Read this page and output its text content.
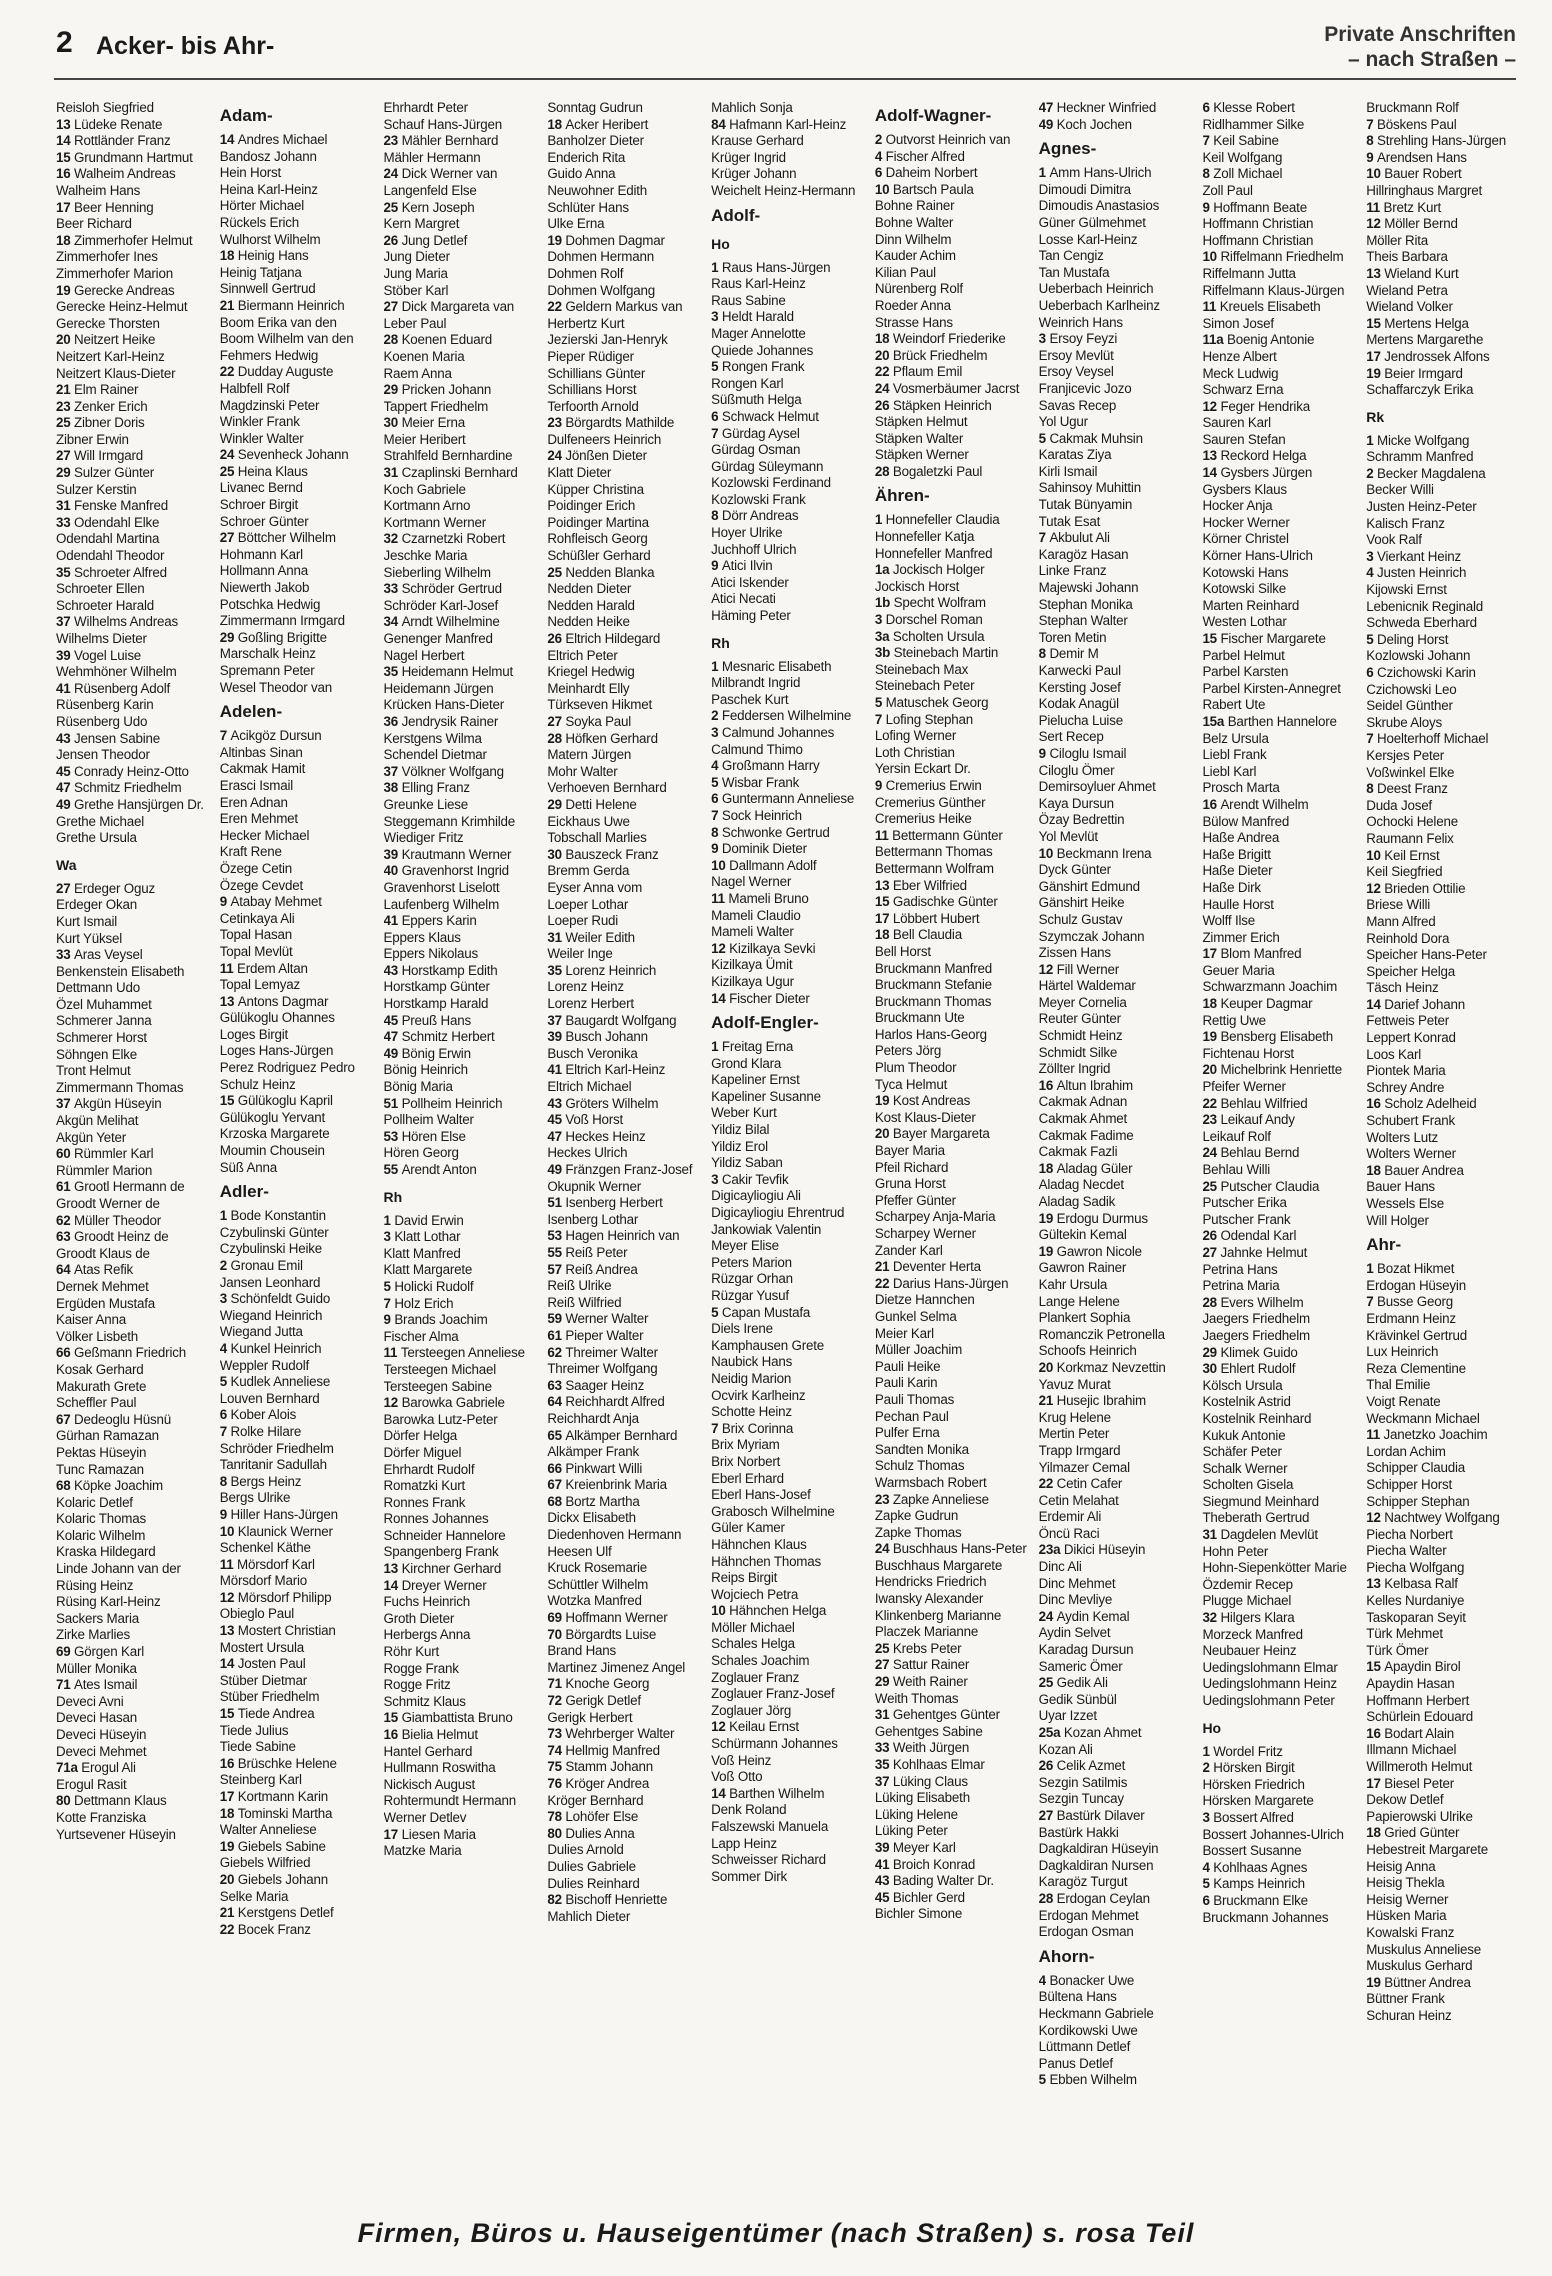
2 Acker- bis Ahr-	Private Anschriften
– nach Straßen –
Reisloh Siegfried
13 Lüdeke Renate
14 Rottländer Franz
15 Grundmann Hartmut
16 Walheim Andreas
Walheim Hans
17 Beer Henning
Beer Richard
18 Zimmerhofer Helmut
Zimmerhofer Ines
Zimmerhofer Marion
19 Gerecke Andreas
Gerecke Heinz-Helmut
Gerecke Thorsten
20 Neitzert Heike
Neitzert Karl-Heinz
Neitzert Klaus-Dieter
21 Elm Rainer
23 Zenker Erich
25 Zibner Doris
Zibner Erwin
27 Will Irmgard
29 Sulzer Günter
Sulzer Kerstin
31 Fenske Manfred
33 Odendahl Elke
Odendahl Martina
Odendahl Theodor
35 Schroeter Alfred
Schroeter Ellen
Schroeter Harald
37 Wilhelms Andreas
Wilhelms Dieter
39 Vogel Luise
Wehmhöner Wilhelm
41 Rüsenberg Adolf
Rüsenberg Karin
Rüsenberg Udo
43 Jensen Sabine
Jensen Theodor
45 Conrady Heinz-Otto
47 Schmitz Friedhelm
49 Grethe Hansjürgen Dr.
Grethe Michael
Grethe Ursula
Wa
27 Erdeger Oguz
Erdeger Okan
Kurt Ismail
Kurt Yüksel
33 Aras Veysel
Benkenstein Elisabeth
Dettmann Udo
Özel Muhammet
Schmerer Janna
Schmerer Horst
Söhngen Elke
Tront Helmut
Zimmermann Thomas
37 Akgün Hüseyin
Akgün Melihat
Akgün Yeter
60 Rümmler Karl
Rümmler Marion
61 Grootl Hermann de
Groodt Werner de
62 Müller Theodor
63 Groodt Heinz de
Groodt Klaus de
64 Atas Refik
Dernek Mehmet
Ergüden Mustafa
Kaiser Anna
Völker Lisbeth
66 Geßmann Friedrich
Kosak Gerhard
Makurath Grete
Scheffler Paul
67 Dedeoglu Hüsnü
Gürhan Ramazan
Pektas Hüseyin
Tunc Ramazan
68 Köpke Joachim
Kolaric Detlef
Kolaric Thomas
Kolaric Wilhelm
Kraska Hildegard
Linde Johann van der
Rüsing Heinz
Rüsing Karl-Heinz
Sackers Maria
Zirke Marlies
69 Görgen Karl
Müller Monika
71 Ates Ismail
Deveci Avni
Deveci Hasan
Deveci Hüseyin
Deveci Mehmet
71a Erogul Ali
Erogul Rasit
80 Dettmann Klaus
Kotte Franziska
Yurtsevener Hüseyin
Adam-
14 Andres Michael
Bandosz Johann
Hein Horst
Heina Karl-Heinz
Hörter Michael
Rückels Erich
Wulhorst Wilhelm
18 Heinig Hans
Heinig Tatjana
Sinnwell Gertrud
21 Biermann Heinrich
Boom Erika van den
Boom Wilhelm van den
Fehmers Hedwig
22 Dudday Auguste
Halbfell Rolf
Magdzinski Peter
Winkler Frank
Winkler Walter
24 Sevenheck Johann
25 Heina Klaus
Livanec Bernd
Schroer Birgit
Schroer Günter
27 Böttcher Wilhelm
Hohmann Karl
Hollmann Anna
Niewerth Jakob
Potschka Hedwig
Zimmermann Irmgard
29 Goßling Brigitte
Marschalk Heinz
Spremann Peter
Wesel Theodor van
Adelen-
7 Acikgöz Dursun
Altinbas Sinan
Cakmak Hamit
Erasci Ismail
Eren Adnan
Eren Mehmet
Hecker Michael
Kraft Rene
Özege Cetin
Özege Cevdet
9 Atabay Mehmet
Cetinkaya Ali
Topal Hasan
Topal Mevlüt
11 Erdem Altan
Topal Lemyaz
13 Antons Dagmar
Gülükoglu Ohannes
Loges Birgit
Loges Hans-Jürgen
Perez Rodriguez Pedro
Schulz Heinz
15 Gülükoglu Kapril
Gülükoglu Yervant
Krzoska Margarete
Moumin Chousein
Süß Anna
Adler-
1 Bode Konstantin
Czybulinski Günter
Czybulinski Heike
2 Gronau Emil
Jansen Leonhard
3 Schönfeldt Guido
Wiegand Heinrich
Wiegand Jutta
4 Kunkel Heinrich
Weppler Rudolf
5 Kudlek Anneliese
Louven Bernhard
6 Kober Alois
7 Rolke Hilare
Schröder Friedhelm
Tanritanir Sadullah
8 Bergs Heinz
Bergs Ulrike
9 Hiller Hans-Jürgen
10 Klaunick Werner
Schenkel Käthe
11 Mörsdorf Karl
Mörsdorf Mario
12 Mörsdorf Philipp
Obieglo Paul
13 Mostert Christian
Mostert Ursula
14 Josten Paul
Stüber Dietmar
Stüber Friedhelm
15 Tiede Andrea
Tiede Julius
Tiede Sabine
16 Brüschke Helene
Steinberg Karl
17 Kortmann Karin
18 Tominski Martha
Walter Anneliese
19 Giebels Sabine
Giebels Wilfried
20 Giebels Johann
Selke Maria
21 Kerstgens Detlef
22 Bocek Franz
Ehrhardt Peter
Schauf Hans-Jürgen
23 Mähler Bernhard
Mähler Hermann
24 Dick Werner van
Langenfeld Else
25 Kern Joseph
Kern Margret
26 Jung Detlef
Jung Dieter
Jung Maria
Stöber Karl
27 Dick Margareta van
Leber Paul
28 Koenen Eduard
Koenen Maria
Raem Anna
29 Pricken Johann
Tappert Friedhelm
30 Meier Erna
Meier Heribert
Strahlfeld Bernhardine
31 Czaplinski Bernhard
Koch Gabriele
Kortmann Arno
Kortmann Werner
32 Czarnetzki Robert
Jeschke Maria
Sieberling Wilhelm
33 Schröder Gertrud
Schröder Karl-Josef
34 Arndt Wilhelmine
Genenger Manfred
Nagel Herbert
35 Heidemann Helmut
Heidemann Jürgen
Krücken Hans-Dieter
36 Jendrysik Rainer
Kerstgens Wilma
Schendel Dietmar
37 Völkner Wolfgang
38 Elling Franz
Greunke Liese
Steggemann Krimhilde
Wiediger Fritz
39 Krautmann Werner
40 Gravenhorst Ingrid
Gravenhorst Liselott
Laufenberg Wilhelm
41 Eppers Karin
Eppers Klaus
Eppers Nikolaus
43 Horstkamp Edith
Horstkamp Günter
Horstkamp Harald
45 Preuß Hans
47 Schmitz Herbert
49 Bönig Erwin
Bönig Heinrich
Bönig Maria
51 Pollheim Heinrich
Pollheim Walter
53 Hören Else
Hören Georg
55 Arendt Anton
Rh
1 David Erwin
3 Klatt Lothar
Klatt Manfred
Klatt Margarete
5 Holicki Rudolf
7 Holz Erich
9 Brands Joachim
Fischer Alma
11 Tersteegen Anneliese
Tersteegen Michael
Tersteegen Sabine
12 Barowka Gabriele
Barowka Lutz-Peter
Dörfer Helga
Dörfer Miguel
Ehrhardt Rudolf
Romatzki Kurt
Ronnes Frank
Ronnes Johannes
Schneider Hannelore
Spangenberg Frank
13 Kirchner Gerhard
14 Dreyer Werner
Fuchs Heinrich
Groth Dieter
Herbergs Anna
Röhr Kurt
Rogge Frank
Rogge Fritz
Schmitz Klaus
15 Giambattista Bruno
16 Bielia Helmut
Hantel Gerhard
Hullmann Roswitha
Nickisch August
Rohtermundt Hermann
Werner Detlev
17 Liesen Maria
Matzke Maria
Sonntag Gudrun
18 Acker Heribert
Banholzer Dieter
Enderich Rita
Guido Anna
Neuwohner Edith
Schlüter Hans
Ulke Erna
19 Dohmen Dagmar
Dohmen Hermann
Dohmen Rolf
Dohmen Wolfgang
22 Geldern Markus van
Herbertz Kurt
Jezierski Jan-Henryk
Pieper Rüdiger
Schillians Günter
Schillians Horst
Terfoorth Arnold
23 Börgardts Mathilde
Dulfeneers Heinrich
24 Jönßen Dieter
Klatt Dieter
Küpper Christina
Poidinger Erich
Poidinger Martina
Rohfleisch Georg
Schüßler Gerhard
25 Nedden Blanka
Nedden Dieter
Nedden Harald
Nedden Heike
26 Eltrich Hildegard
Eltrich Peter
Kriegel Hedwig
Meinhardt Elly
Türkseven Hikmet
27 Soyka Paul
28 Höfken Gerhard
Matern Jürgen
Mohr Walter
Verhoeven Bernhard
29 Detti Helene
Eickhaus Uwe
Tobschall Marlies
30 Bauszeck Franz
Bremm Gerda
Eyser Anna vom
Loeper Lothar
Loeper Rudi
31 Weiler Edith
Weiler Inge
35 Lorenz Heinrich
Lorenz Heinz
Lorenz Herbert
37 Baugardt Wolfgang
39 Busch Johann
Busch Veronika
41 Eltrich Karl-Heinz
Eltrich Michael
43 Gröters Wilhelm
45 Voß Horst
47 Heckes Heinz
Heckes Ulrich
49 Fränzgen Franz-Josef
Okupnik Werner
51 Isenberg Herbert
Isenberg Lothar
53 Hagen Heinrich van
55 Reiß Peter
57 Reiß Andrea
Reiß Ulrike
Reiß Wilfried
59 Werner Walter
61 Pieper Walter
62 Threimer Walter
Threimer Wolfgang
63 Saager Heinz
64 Reichhardt Alfred
Reichhardt Anja
65 Alkämper Bernhard
Alkämper Frank
66 Pinkwart Willi
67 Kreienbrink Maria
68 Bortz Martha
Dickx Elisabeth
Diedenhoven Hermann
Heesen Ulf
Kruck Rosemarie
Schüttler Wilhelm
Wotzka Manfred
69 Hoffmann Werner
70 Börgardts Luise
Brand Hans
Martinez Jimenez Angel
71 Knoche Georg
72 Gerigk Detlef
Gerigk Herbert
73 Wehrberger Walter
74 Hellmig Manfred
75 Stamm Johann
76 Kröger Andrea
Kröger Bernhard
78 Lohöfer Else
80 Dulies Anna
Dulies Arnold
Dulies Gabriele
Dulies Reinhard
82 Bischoff Henriette
Mahlich Dieter
Mahlich Sonja
84 Hafmann Karl-Heinz
Krause Gerhard
Krüger Ingrid
Krüger Johann
Weichelt Heinz-Hermann
Adolf-
Ho
1 Raus Hans-Jürgen
Raus Karl-Heinz
Raus Sabine
3 Heldt Harald
Mager Annelotte
Quiede Johannes
5 Rongen Frank
Rongen Karl
Süßmuth Helga
6 Schwack Helmut
7 Gürdag Aysel
Gürdag Osman
Gürdag Süleymann
Kozlowski Ferdinand
Kozlowski Frank
8 Dörr Andreas
Hoyer Ulrike
Juchhoff Ulrich
9 Atici Ilvin
Atici Iskender
Atici Necati
Häming Peter
Rh
1 Mesnaric Elisabeth
Milbrandt Ingrid
Paschek Kurt
2 Feddersen Wilhelmine
3 Calmund Johannes
Calmund Thimo
4 Großmann Harry
5 Wisbar Frank
6 Guntermann Anneliese
7 Sock Heinrich
8 Schwonke Gertrud
9 Dominik Dieter
10 Dallmann Adolf
Nagel Werner
11 Mameli Bruno
Mameli Claudio
Mameli Walter
12 Kizilkaya Sevki
Kizilkaya Ümit
Kizilkaya Ugur
14 Fischer Dieter
Adolf-Engler-
1 Freitag Erna
Grond Klara
Kapeliner Ernst
Kapeliner Susanne
Weber Kurt
Yildiz Bilal
Yildiz Erol
Yildiz Saban
3 Cakir Tevfik
Digicayliogiu Ali
Digicayliogiu Ehrentrud
Jankowiak Valentin
Meyer Elise
Peters Marion
Rüzgar Orhan
Rüzgar Yusuf
5 Capan Mustafa
Diels Irene
Kamphausen Grete
Naubick Hans
Neidig Marion
Ocvirk Karlheinz
Schotte Heinz
7 Brix Corinna
Brix Myriam
Brix Norbert
Eberl Erhard
Eberl Hans-Josef
Grabosch Wilhelmine
Güler Kamer
Hähnchen Klaus
Hähnchen Thomas
Reips Birgit
Wojciech Petra
10 Hähnchen Helga
Möller Michael
Schales Helga
Schales Joachim
Zoglauer Franz
Zoglauer Franz-Josef
Zoglauer Jörg
12 Keilau Ernst
Schürmann Johannes
Voß Heinz
Voß Otto
14 Barthen Wilhelm
Denk Roland
Falszewski Manuela
Lapp Heinz
Schweisser Richard
Sommer Dirk
Adolf-Wagner-
2 Outvorst Heinrich van
4 Fischer Alfred
6 Daheim Norbert
10 Bartsch Paula
Bohne Rainer
Bohne Walter
Dinn Wilhelm
Kauder Achim
Kilian Paul
Nürenberg Rolf
Roeder Anna
Strasse Hans
18 Weindorf Friederike
20 Brück Friedhelm
22 Pflaum Emil
24 Vosmerbäumer Jacrst
26 Stäpken Heinrich
Stäpken Helmut
Stäpken Walter
Stäpken Werner
28 Bogaletzki Paul
Ähren-
1 Honnefeller Claudia
Honnefeller Katja
Honnefeller Manfred
1a Jockisch Holger
Jockisch Horst
1b Specht Wolfram
3 Dorschel Roman
3a Scholten Ursula
3b Steinebach Martin
Steinebach Max
Steinebach Peter
5 Matuschek Georg
7 Lofing Stephan
Lofing Werner
Loth Christian
Yersin Eckart Dr.
9 Cremerius Erwin
Cremerius Günther
Cremerius Heike
11 Bettermann Günter
Bettermann Thomas
Bettermann Wolfram
13 Eber Wilfried
15 Gadischke Günter
17 Löbbert Hubert
18 Bell Claudia
Bell Horst
Bruckmann Manfred
Bruckmann Stefanie
Bruckmann Thomas
Bruckmann Ute
Harlos Hans-Georg
Peters Jörg
Plum Theodor
Tyca Helmut
19 Kost Andreas
Kost Klaus-Dieter
20 Bayer Margareta
Bayer Maria
Pfeil Richard
Gruna Horst
Pfeffer Günter
Scharpey Anja-Maria
Scharpey Werner
Zander Karl
21 Deventer Herta
22 Darius Hans-Jürgen
Dietze Hannchen
Gunkel Selma
Meier Karl
Müller Joachim
Pauli Heike
Pauli Karin
Pauli Thomas
Pechan Paul
Pulfer Erna
Sandten Monika
Schulz Thomas
Warmsbach Robert
23 Zapke Anneliese
Zapke Gudrun
Zapke Thomas
24 Buschhaus Hans-Peter
Buschhaus Margarete
Hendricks Friedrich
Iwansky Alexander
Klinkenberg Marianne
Placzek Marianne
25 Krebs Peter
27 Sattur Rainer
29 Weith Rainer
Weith Thomas
31 Gehentges Günter
Gehentges Sabine
33 Weith Jürgen
35 Kohlhaas Elmar
37 Lüking Claus
Lüking Elisabeth
Lüking Helene
Lüking Peter
39 Meyer Karl
41 Broich Konrad
43 Bading Walter Dr.
45 Bichler Gerd
Bichler Simone
47 Heckner Winfried
49 Koch Jochen
Agnes-
1 Amm Hans-Ulrich
Dimoudi Dimitra
Dimoudis Anastasios
Güner Gülmehmet
Losse Karl-Heinz
Tan Cengiz
Tan Mustafa
Ueberbach Heinrich
Ueberbach Karlheinz
Weinrich Hans
3 Ersoy Feyzi
Ersoy Mevlüt
Ersoy Veysel
Franjicevic Jozo
Savas Recep
Yol Ugur
5 Cakmak Muhsin
Karatas Ziya
Kirli Ismail
Sahinsoy Muhittin
Tutak Bünyamin
Tutak Esat
7 Akbulut Ali
Karagöz Hasan
Linke Franz
Majewski Johann
Stephan Monika
Stephan Walter
Toren Metin
8 Demir M
Karwecki Paul
Kersting Josef
Kodak Anagül
Pielucha Luise
Sert Recep
9 Ciloglu Ismail
Ciloglu Ömer
Demirsoyluer Ahmet
Kaya Dursun
Özay Bedrettin
Yol Mevlüt
10 Beckmann Irena
Dyck Günter
Gänshirt Edmund
Gänshirt Heike
Schulz Gustav
Szymczak Johann
Zissen Hans
12 Fill Werner
Härtel Waldemar
Meyer Cornelia
Reuter Günter
Schmidt Heinz
Schmidt Silke
Zöllter Ingrid
16 Altun Ibrahim
Cakmak Adnan
Cakmak Ahmet
Cakmak Fadime
Cakmak Fazli
18 Aladag Güler
Aladag Necdet
Aladag Sadik
19 Erdogu Durmus
Gültekin Kemal
19 Gawron Nicole
Gawron Rainer
Kahr Ursula
Lange Helene
Plankert Sophia
Romanczik Petronella
Schoofs Heinrich
20 Korkmaz Nevzettin
Yavuz Murat
21 Husejic Ibrahim
Krug Helene
Mertin Peter
Trapp Irmgard
Yilmazer Cemal
22 Cetin Cafer
Cetin Melahat
Erdemir Ali
Öncü Raci
23a Dikici Hüseyin
Dinc Ali
Dinc Mehmet
Dinc Mevliye
24 Aydin Kemal
Aydin Selvet
Karadag Dursun
Sameric Ömer
25 Gedik Ali
Gedik Sünbül
Uyar Izzet
25a Kozan Ahmet
Kozan Ali
26 Celik Azmet
Sezgin Satilmis
Sezgin Tuncay
27 Bastürk Dilaver
Bastürk Hakki
Dagkaldiran Hüseyin
Dagkaldiran Nursen
Karagöz Turgut
28 Erdogan Ceylan
Erdogan Mehmet
Erdogan Osman
Ahorn-
4 Bonacker Uwe
Bültena Hans
Heckmann Gabriele
Kordikowski Uwe
Lüttmann Detlef
Panus Detlef
5 Ebben Wilhelm
6 Klesse Robert
Ridlhammer Silke
7 Keil Sabine
Keil Wolfgang
8 Zoll Michael
Zoll Paul
9 Hoffmann Beate
Hoffmann Christian
Hoffmann Christian
10 Riffelmann Friedhelm
Riffelmann Jutta
Riffelmann Klaus-Jürgen
11 Kreuels Elisabeth
Simon Josef
11a Boenig Antonie
Henze Albert
Meck Ludwig
Schwarz Erna
12 Feger Hendrika
Sauren Karl
Sauren Stefan
13 Reckord Helga
14 Gysbers Jürgen
Gysbers Klaus
Hocker Anja
Hocker Werner
Körner Christel
Körner Hans-Ulrich
Kotowski Hans
Kotowski Silke
Marten Reinhard
Westen Lothar
15 Fischer Margarete
Parbel Helmut
Parbel Karsten
Parbel Kirsten-Annegret
Rabert Ute
15a Barthen Hannelore
Belz Ursula
Liebl Frank
Liebl Karl
Prosch Marta
16 Arendt Wilhelm
Bülow Manfred
Haße Andrea
Haße Brigitt
Haße Dieter
Haße Dirk
Haulle Horst
Wolff Ilse
Zimmer Erich
17 Blom Manfred
Geuer Maria
Schwarzmann Joachim
18 Keuper Dagmar
Rettig Uwe
19 Bensberg Elisabeth
Fichtenau Horst
20 Michelbrink Henriette
Pfeifer Werner
22 Behlau Wilfried
23 Leikauf Andy
Leikauf Rolf
24 Behlau Bernd
Behlau Willi
25 Putscher Claudia
Putscher Erika
Putscher Frank
26 Odendal Karl
27 Jahnke Helmut
Petrina Hans
Petrina Maria
28 Evers Wilhelm
Jaegers Friedhelm
Jaegers Friedhelm
29 Klimek Guido
30 Ehlert Rudolf
Kölsch Ursula
Kostelnik Astrid
Kostelnik Reinhard
Kukuk Antonie
Schäfer Peter
Schalk Werner
Scholten Gisela
Siegmund Meinhard
Theberath Gertrud
31 Dagdelen Mevlüt
Hohn Peter
Hohn-Siepenkötter Marie
Özdemir Recep
Plugge Michael
32 Hilgers Klara
Morzeck Manfred
Neubauer Heinz
Uedingslohmann Elmar
Uedingslohmann Heinz
Uedingslohmann Peter
Ho
1 Wordel Fritz
2 Hörsken Birgit
Hörsken Friedrich
Hörsken Margarete
3 Bossert Alfred
Bossert Johannes-Ulrich
Bossert Susanne
4 Kohlhaas Agnes
5 Kamps Heinrich
6 Bruckmann Elke
Bruckmann Johannes
Bruckmann Rolf
7 Böskens Paul
8 Strehling Hans-Jürgen
9 Arendsen Hans
10 Bauer Robert
Hillringhaus Margret
11 Bretz Kurt
12 Möller Bernd
Möller Rita
Theis Barbara
13 Wieland Kurt
Wieland Petra
Wieland Volker
15 Mertens Helga
Mertens Margarethe
17 Jendrossek Alfons
19 Beier Irmgard
Schaffarczyk Erika
Rk
1 Micke Wolfgang
Schramm Manfred
2 Becker Magdalena
Becker Willi
Justen Heinz-Peter
Kalisch Franz
Vook Ralf
3 Vierkant Heinz
4 Justen Heinrich
Kijowski Ernst
Lebenicnik Reginald
Schweda Eberhard
5 Deling Horst
Kozlowski Johann
6 Czichowski Karin
Czichowski Leo
Seidel Günther
Skrube Aloys
7 Hoelterhoff Michael
Kersjes Peter
Voßwinkel Elke
8 Deest Franz
Duda Josef
Ochocki Helene
Raumann Felix
10 Keil Ernst
Keil Siegfried
12 Brieden Ottilie
Briese Willi
Mann Alfred
Reinhold Dora
Speicher Hans-Peter
Speicher Helga
Täsch Heinz
14 Darief Johann
Fettweis Peter
Leppert Konrad
Loos Karl
Piontek Maria
Schrey Andre
16 Scholz Adelheid
Schubert Frank
Wolters Lutz
Wolters Werner
18 Bauer Andrea
Bauer Hans
Wessels Else
Will Holger
Ahr-
1 Bozat Hikmet
Erdogan Hüseyin
7 Busse Georg
Erdmann Heinz
Krävinkel Gertrud
Lux Heinrich
Reza Clementine
Thal Emilie
Voigt Renate
Weckmann Michael
11 Janetzko Joachim
Lordan Achim
Schipper Claudia
Schipper Horst
Schipper Stephan
12 Nachtwey Wolfgang
Piecha Norbert
Piecha Walter
Piecha Wolfgang
13 Kelbasa Ralf
Kelles Nurdaniye
Taskoparan Seyit
Türk Mehmet
Türk Ömer
15 Apaydin Birol
Apaydin Hasan
Hoffmann Herbert
Schürlein Edouard
16 Bodart Alain
Illmann Michael
Willmeroth Helmut
17 Biesel Peter
Dekow Detlef
Papierowski Ulrike
18 Gried Günter
Hebestreit Margarete
Heisig Anna
Heisig Thekla
Heisig Werner
Hüsken Maria
Kowalski Franz
Muskulus Anneliese
Muskulus Gerhard
19 Büttner Andrea
Büttner Frank
Schuran Heinz
Firmen, Büros u. Hauseigentümer (nach Straßen) s. rosa Teil
